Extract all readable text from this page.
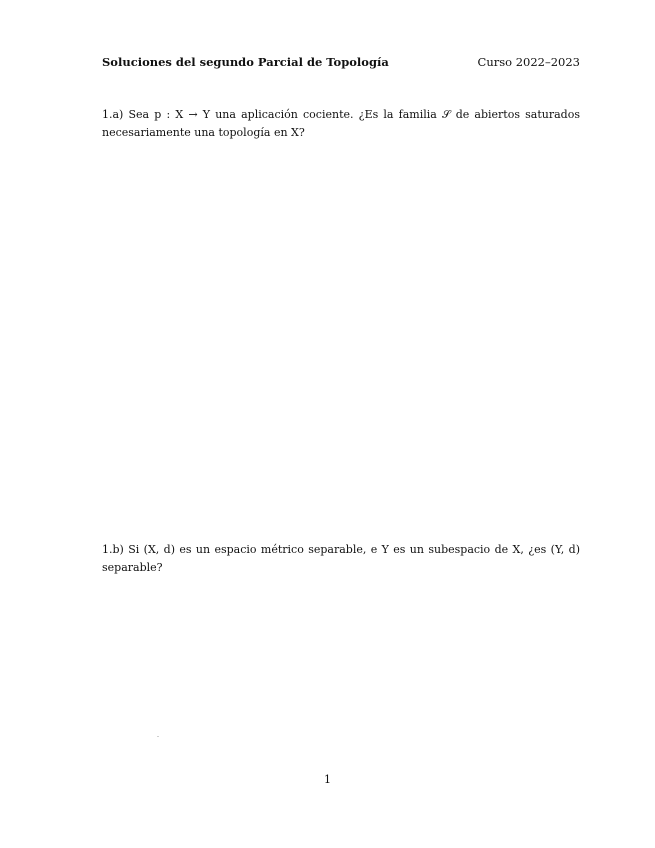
Soluciones del segundo Parcial de Topología	Curso 2022–2023
1.a) Sea p : X → Y una aplicación cociente. ¿Es la familia 𝒮 de abiertos saturados necesariamente una topología en X?
1.b) Si (X, d) es un espacio métrico separable, e Y es un subespacio de X, ¿es (Y, d) separable?
1
